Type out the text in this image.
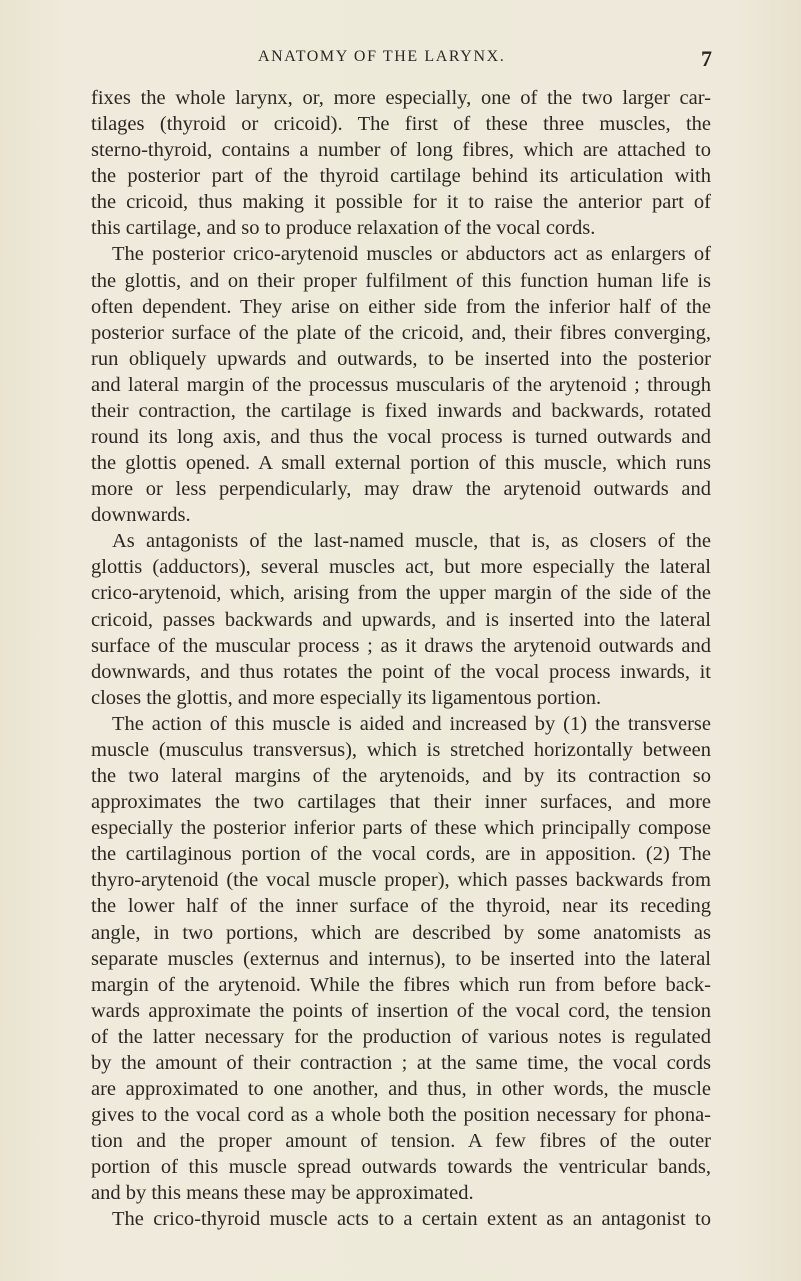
ANATOMY OF THE LARYNX.	7
fixes the whole larynx, or, more especially, one of the two larger car-
tilages (thyroid or cricoid). The first of these three muscles, the
sterno-thyroid, contains a number of long fibres, which are attached to
the posterior part of the thyroid cartilage behind its articulation with
the cricoid, thus making it possible for it to raise the anterior part of
this cartilage, and so to produce relaxation of the vocal cords.
The posterior crico-arytenoid muscles or abductors act as enlargers of
the glottis, and on their proper fulfilment of this function human life is
often dependent. They arise on either side from the inferior half of the
posterior surface of the plate of the cricoid, and, their fibres converging,
run obliquely upwards and outwards, to be inserted into the posterior
and lateral margin of the processus muscularis of the arytenoid ; through
their contraction, the cartilage is fixed inwards and backwards, rotated
round its long axis, and thus the vocal process is turned outwards and
the glottis opened. A small external portion of this muscle, which runs
more or less perpendicularly, may draw the arytenoid outwards and
downwards.
As antagonists of the last-named muscle, that is, as closers of the
glottis (adductors), several muscles act, but more especially the lateral
crico-arytenoid, which, arising from the upper margin of the side of the
cricoid, passes backwards and upwards, and is inserted into the lateral
surface of the muscular process ; as it draws the arytenoid outwards and
downwards, and thus rotates the point of the vocal process inwards, it
closes the glottis, and more especially its ligamentous portion.
The action of this muscle is aided and increased by (1) the transverse
muscle (musculus transversus), which is stretched horizontally between
the two lateral margins of the arytenoids, and by its contraction so
approximates the two cartilages that their inner surfaces, and more
especially the posterior inferior parts of these which principally compose
the cartilaginous portion of the vocal cords, are in apposition. (2) The
thyro-arytenoid (the vocal muscle proper), which passes backwards from
the lower half of the inner surface of the thyroid, near its receding
angle, in two portions, which are described by some anatomists as
separate muscles (externus and internus), to be inserted into the lateral
margin of the arytenoid. While the fibres which run from before back-
wards approximate the points of insertion of the vocal cord, the tension
of the latter necessary for the production of various notes is regulated
by the amount of their contraction ; at the same time, the vocal cords
are approximated to one another, and thus, in other words, the muscle
gives to the vocal cord as a whole both the position necessary for phona-
tion and the proper amount of tension. A few fibres of the outer
portion of this muscle spread outwards towards the ventricular bands,
and by this means these may be approximated.
The crico-thyroid muscle acts to a certain extent as an antagonist to
